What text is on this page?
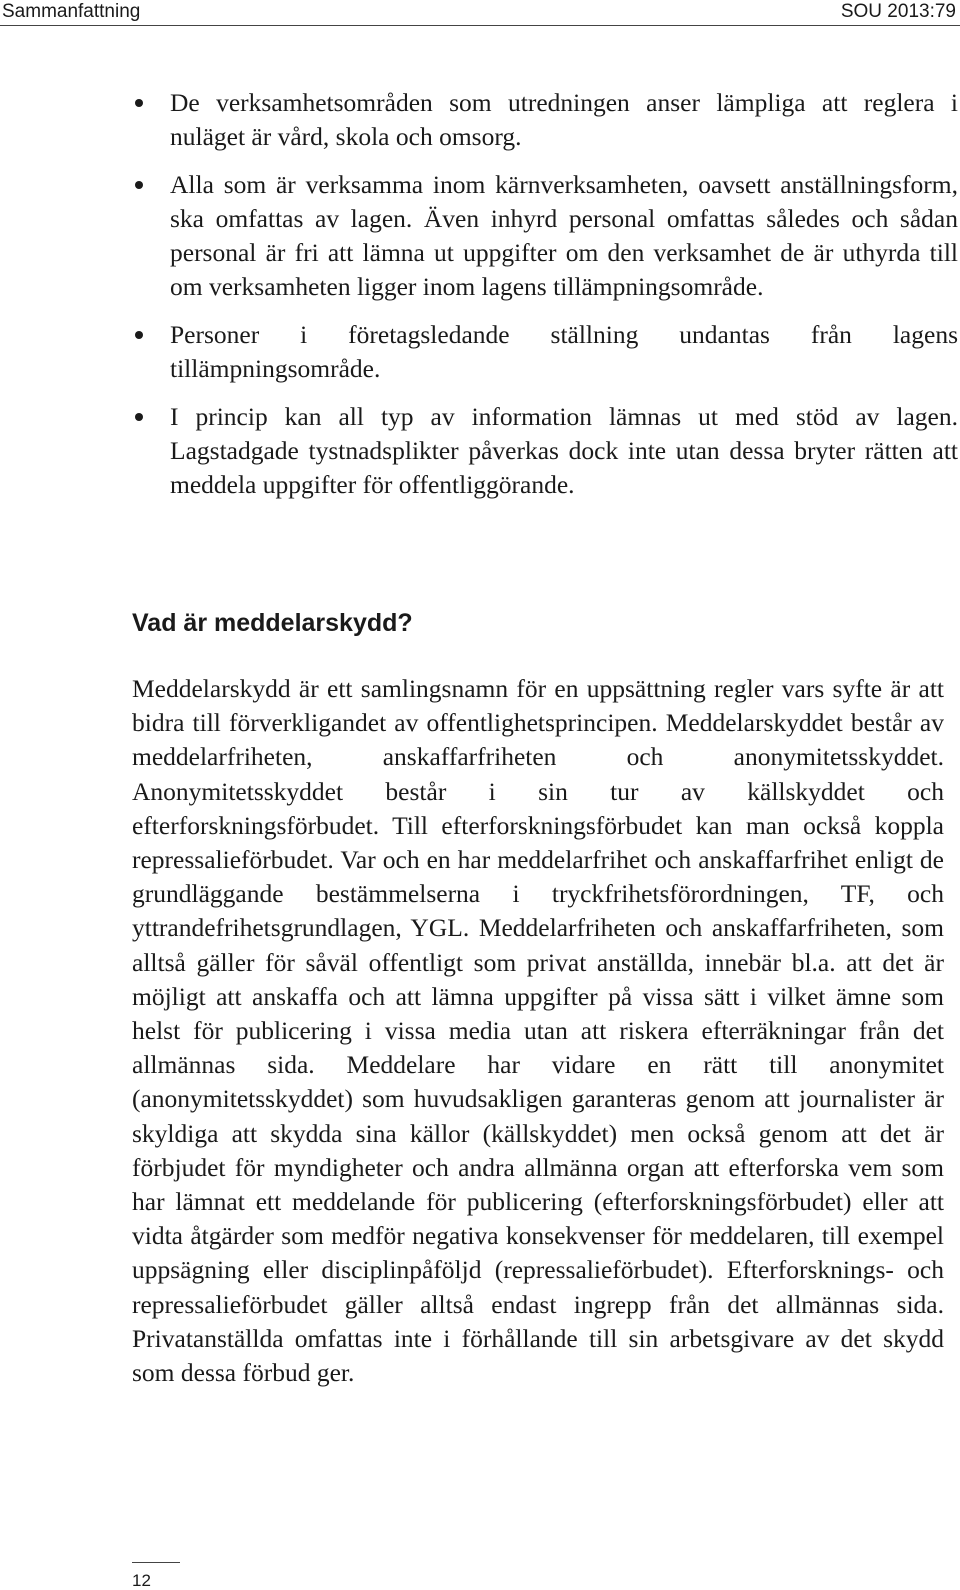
Sammanfattning	SOU 2013:79
De verksamhetsområden som utredningen anser lämpliga att reglera i nuläget är vård, skola och omsorg.
Alla som är verksamma inom kärnverksamheten, oavsett anställningsform, ska omfattas av lagen. Även inhyrd personal omfattas således och sådan personal är fri att lämna ut uppgifter om den verksamhet de är uthyrda till om verksamheten ligger inom lagens tillämpningsområde.
Personer i företagsledande ställning undantas från lagens tillämpningsområde.
I princip kan all typ av information lämnas ut med stöd av lagen. Lagstadgade tystnadsplikter påverkas dock inte utan dessa bryter rätten att meddela uppgifter för offentliggörande.
Vad är meddelarskydd?

Meddelarskydd är ett samlingsnamn för en uppsättning regler vars syfte är att bidra till förverkligandet av offentlighetsprincipen. Meddelarskyddet består av meddelarfriheten, anskaffarfriheten och anonymitetsskyddet. Anonymitetsskyddet består i sin tur av källskyddet och efterforskningsförbudet. Till efterforskningsförbudet kan man också koppla repressalieförbudet. Var och en har meddelarfrihet och anskaffarfrihet enligt de grundläggande bestämmelserna i tryckfrihetsförordningen, TF, och yttrandefrihetsgrundlagen, YGL. Meddelarfriheten och anskaffarfriheten, som alltså gäller för såväl offentligt som privat anställda, innebär bl.a. att det är möjligt att anskaffa och att lämna uppgifter på vissa sätt i vilket ämne som helst för publicering i vissa media utan att riskera efterräkningar från det allmännas sida. Meddelare har vidare en rätt till anonymitet (anonymitetsskyddet) som huvudsakligen garanteras genom att journalister är skyldiga att skydda sina källor (källskyddet) men också genom att det är förbjudet för myndigheter och andra allmänna organ att efterforska vem som har lämnat ett meddelande för publicering (efterforskningsförbudet) eller att vidta åtgärder som medför negativa konsekvenser för meddelaren, till exempel uppsägning eller disciplinpåföljd (repressalieförbudet). Efterforsknings- och repressalieförbudet gäller alltså endast ingrepp från det allmännas sida. Privatanställda omfattas inte i förhållande till sin arbetsgivare av det skydd som dessa förbud ger.

12
